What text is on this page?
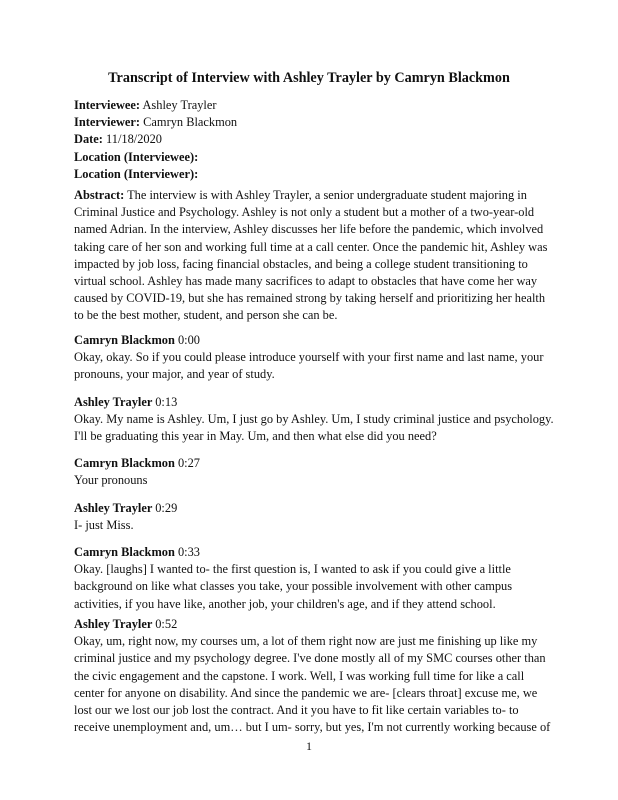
Transcript of Interview with Ashley Trayler by Camryn Blackmon
Interviewee: Ashley Trayler
Interviewer: Camryn Blackmon
Date: 11/18/2020
Location (Interviewee):
Location (Interviewer):
Abstract: The interview is with Ashley Trayler, a senior undergraduate student majoring in
Criminal Justice and Psychology. Ashley is not only a student but a mother of a two-year-old
named Adrian. In the interview, Ashley discusses her life before the pandemic, which involved
taking care of her son and working full time at a call center. Once the pandemic hit, Ashley was
impacted by job loss, facing financial obstacles, and being a college student transitioning to
virtual school. Ashley has made many sacrifices to adapt to obstacles that have come her way
caused by COVID-19, but she has remained strong by taking herself and prioritizing her health
to be the best mother, student, and person she can be.
Camryn Blackmon 0:00
Okay, okay. So if you could please introduce yourself with your first name and last name, your
pronouns, your major, and year of study.
Ashley Trayler 0:13
Okay. My name is Ashley. Um, I just go by Ashley. Um, I study criminal justice and psychology.
I'll be graduating this year in May. Um, and then what else did you need?
Camryn Blackmon 0:27
Your pronouns
Ashley Trayler 0:29
I- just Miss.
Camryn Blackmon 0:33
Okay. [laughs] I wanted to- the first question is, I wanted to ask if you could give a little
background on like what classes you take, your possible involvement with other campus
activities, if you have like, another job, your children's age, and if they attend school.
Ashley Trayler 0:52
Okay, um, right now, my courses um, a lot of them right now are just me finishing up like my
criminal justice and my psychology degree. I've done mostly all of my SMC courses other than
the civic engagement and the capstone. I work. Well, I was working full time for like a call
center for anyone on disability. And since the pandemic we are- [clears throat] excuse me, we
lost our we lost our job lost the contract. And it you have to fit like certain variables to- to
receive unemployment and, um… but I um- sorry, but yes, I'm not currently working because of
1
